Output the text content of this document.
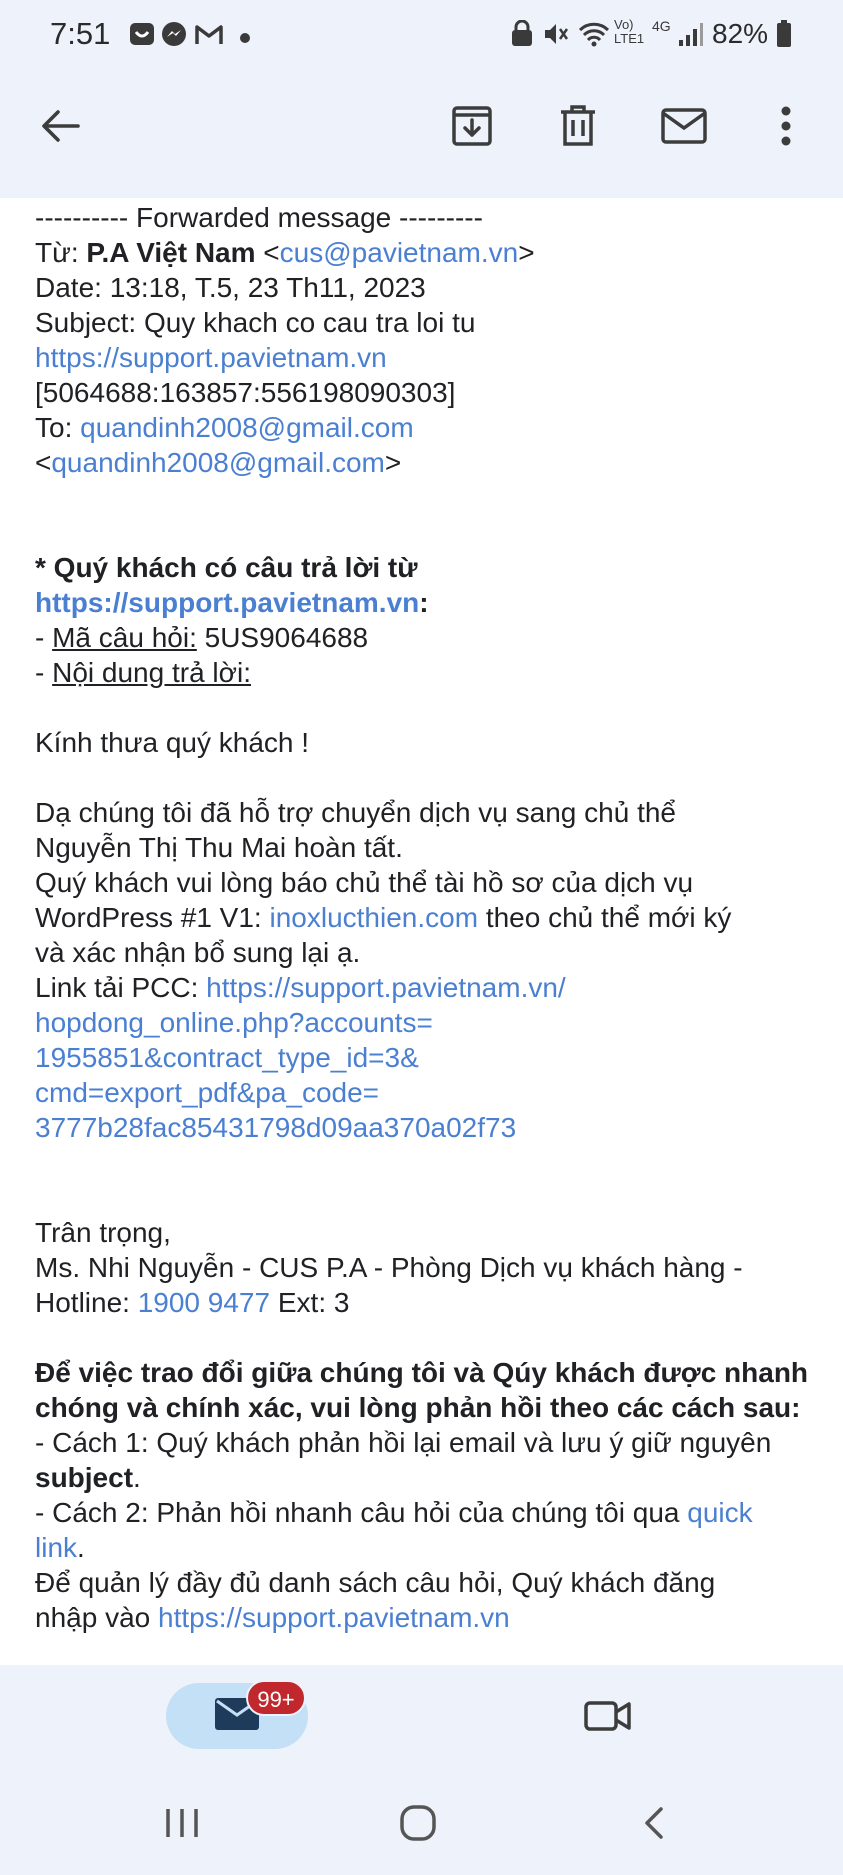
7:51	Vo) LTE1
4G 82%
---------- Forwarded message ---------
Từ: P.A Việt Nam <cus@pavietnam.vn>
Date: 13:18, T.5, 23 Th11, 2023
Subject: Quy khach co cau tra loi tu
https://support.pavietnam.vn
[5064688:163857:556198090303]
To: quandinh2008@gmail.com
<quandinh2008@gmail.com>
* Quý khách có câu trả lời từ
https://support.pavietnam.vn:
- Mã câu hỏi: 5US9064688
- Nội dung trả lời:
Kính thưa quý khách !
Dạ chúng tôi đã hỗ trợ chuyển dịch vụ sang chủ thể
Nguyễn Thị Thu Mai hoàn tất.
Quý khách vui lòng báo chủ thể tài hồ sơ của dịch vụ
WordPress #1 V1: inoxlucthien.com theo chủ thể mới ký
và xác nhận bổ sung lại ạ.
Link tải PCC: https://support.pavietnam.vn/
hopdong_online.php?accounts=
1955851&contract_type_id=3&
cmd=export_pdf&pa_code=
3777b28fac85431798d09aa370a02f73
Trân trọng,
Ms. Nhi Nguyễn - CUS P.A - Phòng Dịch vụ khách hàng -
Hotline: 1900 9477 Ext: 3
Để việc trao đổi giữa chúng tôi và Qúy khách được nhanh
chóng và chính xác, vui lòng phản hồi theo các cách sau:
- Cách 1: Quý khách phản hồi lại email và lưu ý giữ nguyên
subject.
- Cách 2: Phản hồi nhanh câu hỏi của chúng tôi qua quick
link.
Để quản lý đầy đủ danh sách câu hỏi, Quý khách đăng
nhập vào https://support.pavietnam.vn
99+
